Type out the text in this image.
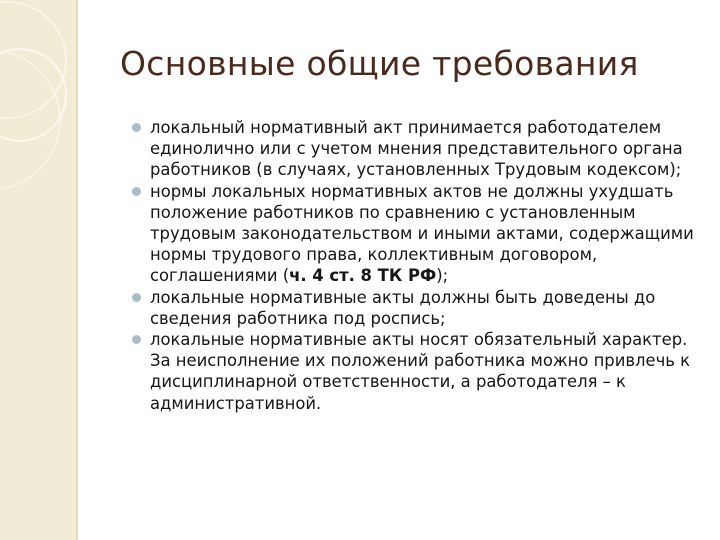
Основные общие требования
локальный нормативный акт принимается работодателем единолично или с учетом мнения представительного органа работников (в случаях, установленных Трудовым кодексом);
нормы локальных нормативных актов не должны ухудшать положение работников по сравнению с установленным трудовым законодательством и иными актами, содержащими нормы трудового права, коллективным договором, соглашениями (ч. 4 ст. 8 ТК РФ);
локальные нормативные акты должны быть доведены до сведения работника под роспись;
локальные нормативные акты носят обязательный характер. За неисполнение их положений работника можно привлечь к дисциплинарной ответственности, а работодателя – к административной.
